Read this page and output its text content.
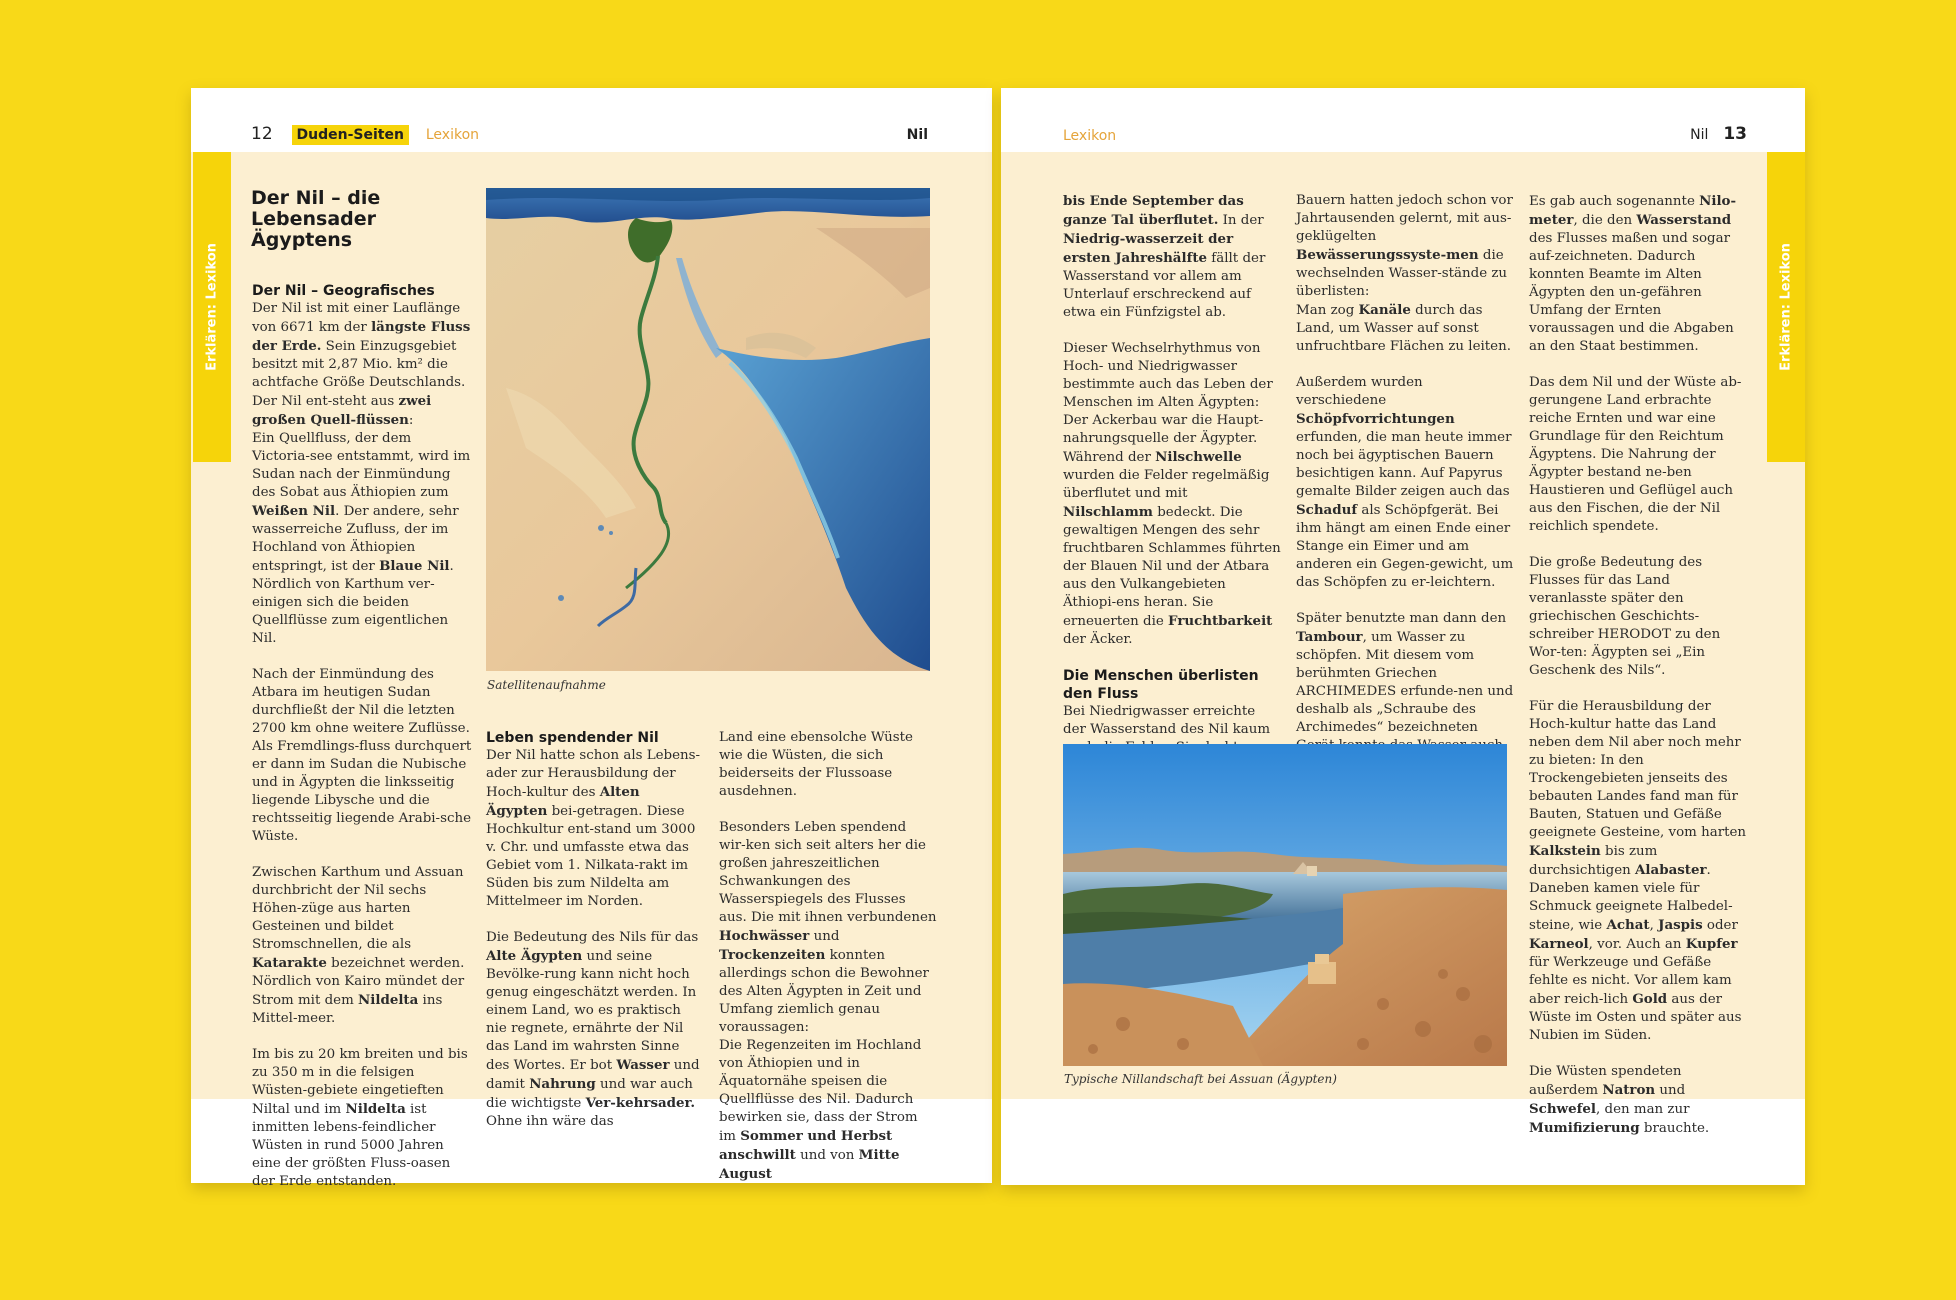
12 Duden-Seiten Lexikon	Nil
Erklären: Lexikon
Der Nil – die Lebensader Ägyptens
Der Nil – Geografisches

Der Nil ist mit einer Lauflänge von 6671 km der längste Fluss der Erde. Sein Einzugsgebiet besitzt mit 2,87 Mio. km² die achtfache Größe Deutschlands. Der Nil ent-steht aus zwei großen Quell-flüssen:

Ein Quellfluss, der dem Victoria-see entstammt, wird im Sudan nach der Einmündung des Sobat aus Äthiopien zum Weißen Nil. Der andere, sehr wasserreiche Zufluss, der im Hochland von Äthiopien entspringt, ist der Blaue Nil. Nördlich von Karthum ver-einigen sich die beiden Quellflüsse zum eigentlichen Nil.

Nach der Einmündung des Atbara im heutigen Sudan durchfließt der Nil die letzten 2700 km ohne weitere Zuflüsse. Als Fremdlings-fluss durchquert er dann im Sudan die Nubische und in Ägypten die linksseitig liegende Libysche und die rechtsseitig liegende Arabi-sche Wüste.

Zwischen Karthum und Assuan durchbricht der Nil sechs Höhen-züge aus harten Gesteinen und bildet Stromschnellen, die als Katarakte bezeichnet werden. Nördlich von Kairo mündet der Strom mit dem Nildelta ins Mittel-meer.

Im bis zu 20 km breiten und bis zu 350 m in die felsigen Wüsten-gebiete eingetieften Niltal und im Nildelta ist inmitten lebens-feindlicher Wüsten in rund 5000 Jahren eine der größten Fluss-oasen der Erde entstanden.

Satellitenaufnahme
Leben spendender Nil

Der Nil hatte schon als Lebens-ader zur Herausbildung der Hoch-kultur des Alten Ägypten bei-getragen. Diese Hochkultur ent-stand um 3000 v. Chr. und umfasste etwa das Gebiet vom 1. Nilkata-rakt im Süden bis zum Nildelta am Mittelmeer im Norden.

Die Bedeutung des Nils für das Alte Ägypten und seine Bevölke-rung kann nicht hoch genug eingeschätzt werden. In einem Land, wo es praktisch nie regnete, ernährte der Nil das Land im wahrsten Sinne des Wortes. Er bot Wasser und damit Nahrung und war auch die wichtigste Ver-kehrsader. Ohne ihn wäre das

Land eine ebensolche Wüste wie die Wüsten, die sich beiderseits der Flussoase ausdehnen.

Besonders Leben spendend wir-ken sich seit alters her die großen jahreszeitlichen Schwankungen des Wasserspiegels des Flusses aus. Die mit ihnen verbundenen Hochwässer und Trockenzeiten konnten allerdings schon die Bewohner des Alten Ägypten in Zeit und Umfang ziemlich genau voraussagen:

Die Regenzeiten im Hochland von Äthiopien und in Äquatornähe speisen die Quellflüsse des Nil. Dadurch bewirken sie, dass der Strom im Sommer und Herbst anschwillt und von Mitte August

Lexikon	Nil 13
Erklären: Lexikon

bis Ende September das ganze Tal überflutet. In der Niedrig-wasserzeit der ersten Jahreshälfte fällt der Wasserstand vor allem am Unterlauf erschreckend auf etwa ein Fünfzigstel ab.

Dieser Wechselrhythmus von Hoch- und Niedrigwasser bestimmte auch das Leben der Menschen im Alten Ägypten: Der Ackerbau war die Haupt-nahrungsquelle der Ägypter. Während der Nilschwelle wurden die Felder regelmäßig überflutet und mit Nilschlamm bedeckt. Die gewaltigen Mengen des sehr fruchtbaren Schlammes führten der Blauen Nil und der Atbara aus den Vulkangebieten Äthiopi-ens heran. Sie erneuerten die Fruchtbarkeit der Äcker.

Die Menschen überlisten den Fluss

Bei Niedrigwasser erreichte der Wasserstand des Nil kaum

Bauern hatten jedoch schon vor Jahrtausenden gelernt, mit aus-geklügelten Bewässerungssyste-men die wechselnden Wasser-stände zu überlisten:
Man zog Kanäle durch das Land, um Wasser auf sonst unfruchtbare Flächen zu leiten.

Außerdem wurden verschiedene Schöpfvorrichtungen erfunden, die man heute immer noch bei ägyptischen Bauern besichtigen kann. Auf Papyrus gemalte Bilder zeigen auch das Schaduf als Schöpfgerät. Bei ihm hängt am einen Ende einer Stange ein Eimer und am anderen ein Gegen-gewicht, um das Schöpfen zu er-leichtern.

Später benutzte man dann den Tambour, um Wasser zu schöpfen. Mit diesem vom berühmten Griechen ARCHIMEDES erfunde-nen und deshalb als „Schraube des Archimedes“ bezeichneten

Es gab auch sogenannte Nilo-meter, die den Wasserstand des Flusses maßen und sogar auf-zeichneten. Dadurch konnten Beamte im Alten Ägypten den un-gefähren Umfang der Ernten voraussagen und die Abgaben an den Staat bestimmen.

Das dem Nil und der Wüste ab-gerungene Land erbrachte reiche Ernten und war eine Grundlage für den Reichtum Ägyptens. Die Nahrung der Ägypter bestand ne-ben Haustieren und Geflügel auch aus den Fischen, die der Nil reichlich spendete.

Die große Bedeutung des Flusses für das Land veranlasste später den griechischen Geschichts-schreiber HERODOT zu den Wor-ten: Ägypten sei „Ein Geschenk des Nils“.

Für die Herausbildung der Hoch-kultur hatte das Land neben dem Nil aber noch mehr zu bieten: In den Trockengebieten jenseits des bebauten Landes fand man für Bauten, Statuen und Gefäße geeignete Gesteine, vom harten Kalkstein bis zum durchsichtigen Alabaster. Daneben kamen viele für Schmuck geeignete Halbedel-steine, wie Achat, Jaspis oder Karneol, vor. Auch an Kupfer für Werkzeuge und Gefäße fehlte es nicht. Vor allem kam aber reich-lich Gold aus der Wüste im Osten und später aus Nubien im Süden.

Die Wüsten spendeten außerdem Natron und Schwefel, den man zur Mumifizierung brauchte.

Typische Nillandschaft bei Assuan (Ägypten)
